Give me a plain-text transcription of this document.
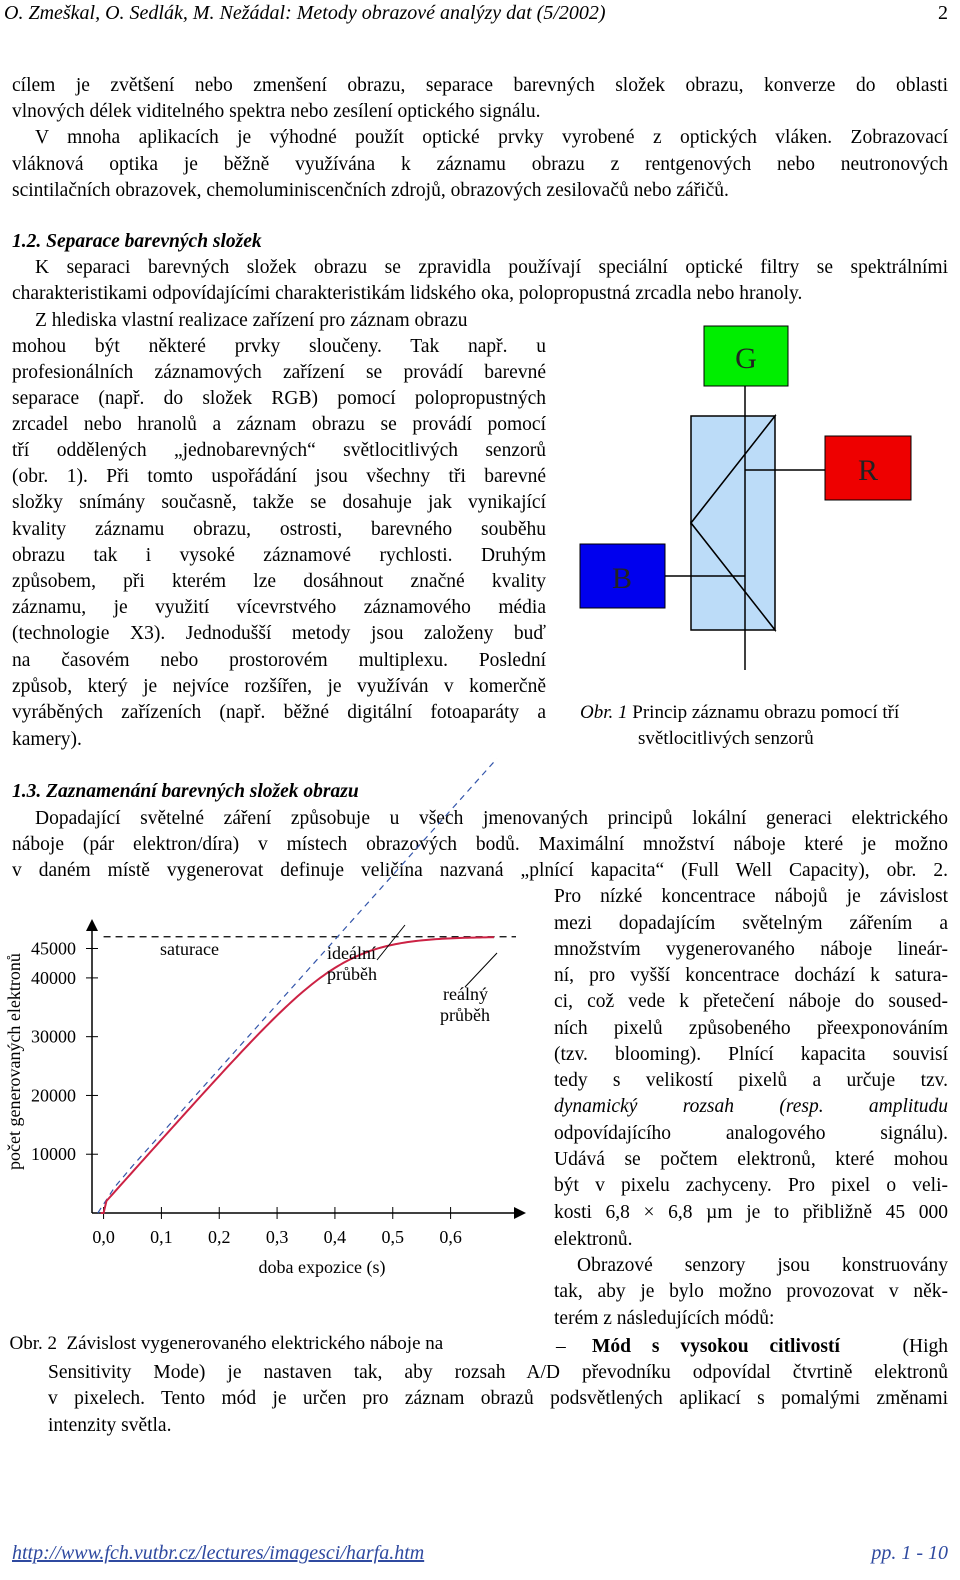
O. Zmeškal, O. Sedlák, M. Nežádal: Metody obrazové analýzy dat (5/2002)	2
cílem je zvětšení nebo zmenšení obrazu, separace barevných složek obrazu, konverze do oblasti
vlnových délek viditelného spektra nebo zesílení optického signálu.
V mnoha aplikacích je výhodné použít optické prvky vyrobené z optických vláken. Zobrazovací
vláknová optika je běžně využívána k záznamu obrazu z rentgenových nebo neutronových
scintilačních obrazovek, chemoluminiscenčních zdrojů, obrazových zesilovačů nebo zářičů.
1.2. Separace barevných složek
K separaci barevných složek obrazu se zpravidla používají speciální optické filtry se spektrálními
charakteristikami odpovídajícími charakteristikám lidského oka, polopropustná zrcadla nebo hranoly.
Z hlediska vlastní realizace zařízení pro záznam obrazu
mohou být některé prvky sloučeny. Tak např. u
profesionálních záznamových zařízení se provádí barevné
separace (např. do složek RGB) pomocí polopropustných
zrcadel nebo hranolů a záznam obrazu se provádí pomocí
tří oddělených „jednobarevných“ světlocitlivých senzorů
(obr. 1). Při tomto uspořádání jsou všechny tři barevné
složky snímány současně, takže se dosahuje jak vynikající
kvality záznamu obrazu, ostrosti, barevného souběhu
obrazu tak i vysoké záznamové rychlosti. Druhým
způsobem, při kterém lze dosáhnout značné kvality
záznamu, je využití vícevrstvého záznamového média
(technologie X3). Jednodušší metody jsou založeny buď
na časovém nebo prostorovém multiplexu. Poslední
způsob, který je nejvíce rozšířen, je využíván v komerčně
vyráběných zařízeních (např. běžné digitální fotoaparáty a
kamery).
G
R
B
Obr. 1 Princip záznamu obrazu pomocí tří
světlocitlivých senzorů
1.3. Zaznamenání barevných složek obrazu
Dopadající světelné záření způsobuje u všech jmenovaných principů lokální generaci elektrického
náboje (pár elektron/díra) v místech obrazových bodů. Maximální množství náboje které je možno
v daném místě vygenerovat definuje veličina nazvaná „plnící kapacita“ (Full Well Capacity), obr. 2.
Pro nízké koncentrace nábojů je závislost
mezi dopadajícím světelným zářením a
množstvím vygenerovaného náboje lineár-
ní, pro vyšší koncentrace dochází k satura-
ci, což vede k přetečení náboje do soused-
ních pixelů způsobeného přeexponováním
(tzv. blooming). Plnící kapacita souvisí
tedy s velikostí pixelů a určuje tzv.
dynamický rozsah (resp. amplitudu
odpovídajícího analogového signálu).
Udává se počtem elektronů, které mohou
být v pixelu zachyceny. Pro pixel o veli-
kosti 6,8 × 6,8 µm je to přibližně 45 000
elektronů.
Obrazové senzory jsou konstruovány
tak, aby je bylo možno provozovat v něk-
terém z následujících módů:
– Mód s vysokou citlivostí	(High
Sensitivity Mode) je nastaven tak, aby rozsah A/D převodníku odpovídal čtvrtině elektronů
v pixelech. Tento mód je určen pro záznam obrazů podsvětlených aplikací s pomalými změnami
intenzity světla.
0,0 0,1 0,2 0,3 0,4 0,5 0,6
10000
20000
30000
40000
45000
počet generovaných elektronů
doba expozice (s)
saturace	ideální
průběh
reálný
průběh

Obr. 2  Závislost vygenerovaného elektrického náboje na

http://www.fch.vutbr.cz/lectures/imagesci/harfa.htm	pp. 1 - 10
